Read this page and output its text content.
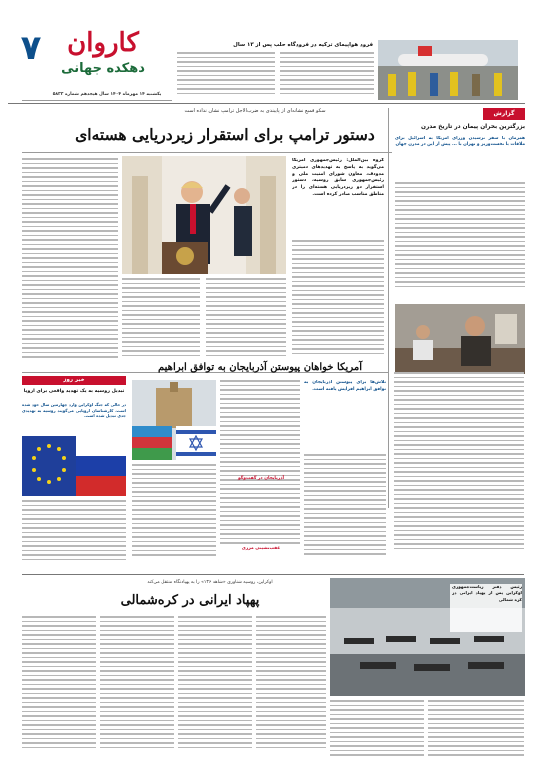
۷ کاروان
دهکده جهانی
یکشنبه ۱۴ مهرماه ۱۴۰۴ سال هیجدهم شماره ۵۸۳۲
فرود هواپیمای ترکیه در فرودگاه حلب پس از ۱۳ سال
سکو فمبع نشانه‌ای از پایبندی به ضرب‌الاجل ترامپ نشان نداده است
دستور ترامپ برای استقرار زیردریایی هسته‌ای
گروه بین‌الملل: رئیس‌جمهوری آمریکا می‌گوید به پاسخ به تهدیدهای دمیتری مدودف، معاون شورای امنیت ملی و رئیس‌جمهوری سابق روسیه، دستور استقرار دو زیردریایی هسته‌ای را در مناطق مناسب صادر کرده است.
گزارش
بزرگترین بحران پیمان در تاریخ مدرن
همزمان با سفر نرسیدن وزرای آمریکا به اسرائیل برای ملاقات با نخست‌وزیر و تهران با ... پیش از این در مدرن جهان
خبر روز
تبدیل روسیه به یک تهدید واقعی برای اروپا
در حالی که جنگ اوکراین وارد چهارمین سال خود شده است، کارشناسان اروپایی می‌گویند روسیه به تهدیدی جدی تبدیل شده است.
آمریکا خواهان پیوستن آذربایجان به توافق ابراهیم
تلاش‌ها برای پیوستن آذربایجان به توافق ابراهیم افزایش یافته است.
آذربایجان در گفت‌وگو
عقب‌نشینی مرزی
اوکراین، روسیه شناوری «شاهد ۱۳۶» را به پهپادنگاه منتقل می‌کند
پهپاد ایرانی در کره‌شمالی
رئیس دفتر ریاست‌جمهوری اوکراین پس از پهپاد ایرانی در کره شمالی
